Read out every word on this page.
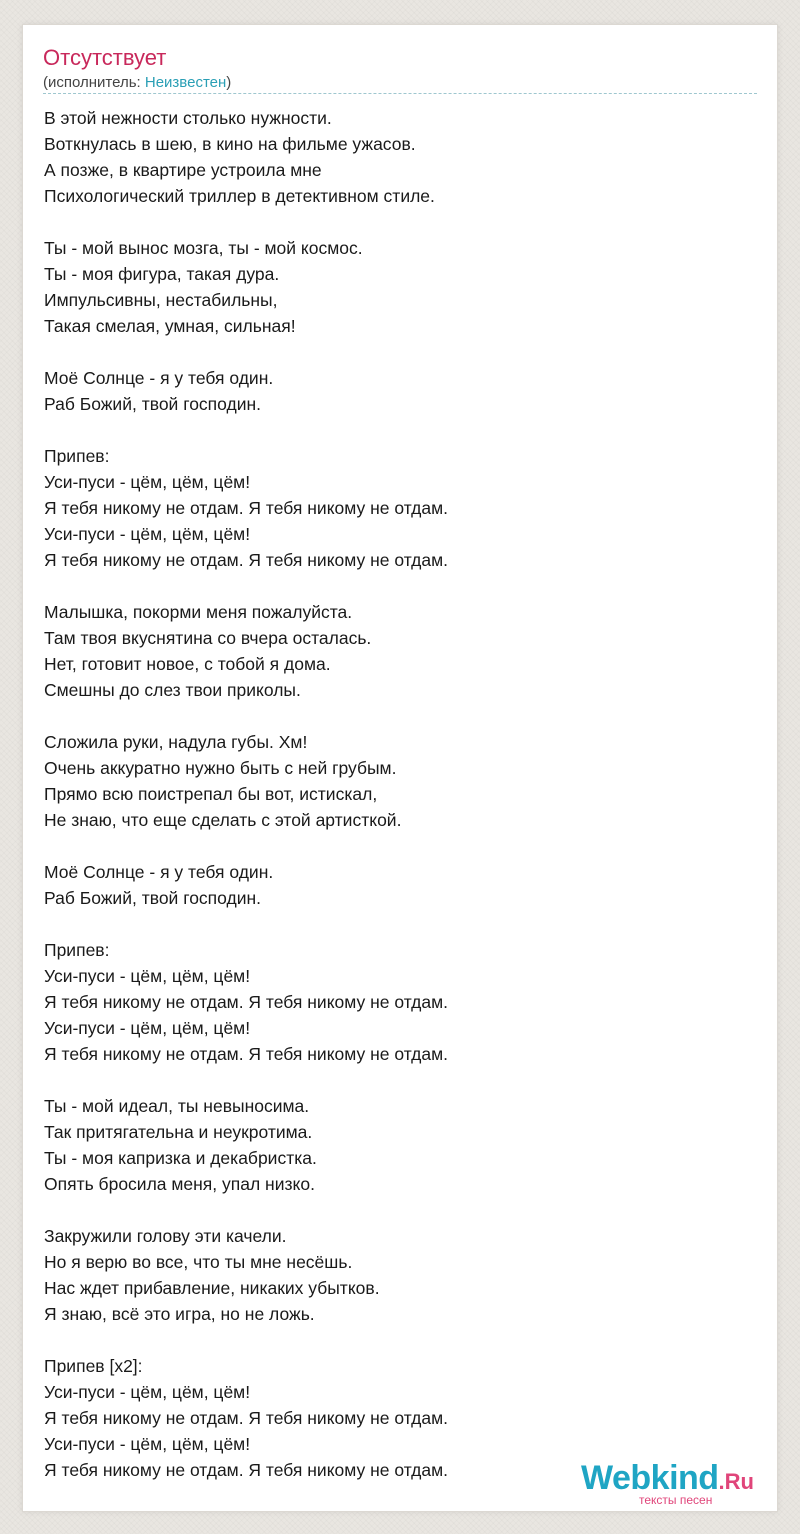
Отсутствует
(исполнитель: Неизвестен)
В этой нежности столько нужности.
Воткнулась в шею, в кино на фильме ужасов.
А позже, в квартире устроила мне
Психологический триллер в детективном стиле.
Ты - мой вынос мозга, ты - мой космос.
Ты - моя фигура, такая дура.
Импульсивны, нестабильны,
Такая смелая, умная, сильная!
Моё Солнце - я у тебя один.
Раб Божий, твой господин.
Припев:
Уси-пуси - цём, цём, цём!
Я тебя никому не отдам. Я тебя никому не отдам.
Уси-пуси - цём, цём, цём!
Я тебя никому не отдам. Я тебя никому не отдам.
Малышка, покорми меня пожалуйста.
Там твоя вкуснятина со вчера осталась.
Нет, готовит новое, с тобой я дома.
Смешны до слез твои приколы.
Сложила руки, надула губы. Хм!
Очень аккуратно нужно быть с ней грубым.
Прямо всю поистрепал бы вот, истискал,
Не знаю, что еще сделать с этой артисткой.
Моё Солнце - я у тебя один.
Раб Божий, твой господин.
Припев:
Уси-пуси - цём, цём, цём!
Я тебя никому не отдам. Я тебя никому не отдам.
Уси-пуси - цём, цём, цём!
Я тебя никому не отдам. Я тебя никому не отдам.
Ты - мой идеал, ты невыносима.
Так притягательна и неукротима.
Ты - моя капризка и декабристка.
Опять бросила меня, упал низко.
Закружили голову эти качели.
Но я верю во все, что ты мне несёшь.
Нас ждет прибавление, никаких убытков.
Я знаю, всё это игра, но не ложь.
Припев [x2]:
Уси-пуси - цём, цём, цём!
Я тебя никому не отдам. Я тебя никому не отдам.
Уси-пуси - цём, цём, цём!
Я тебя никому не отдам. Я тебя никому не отдам.	Webkind.Ru
тексты песен
